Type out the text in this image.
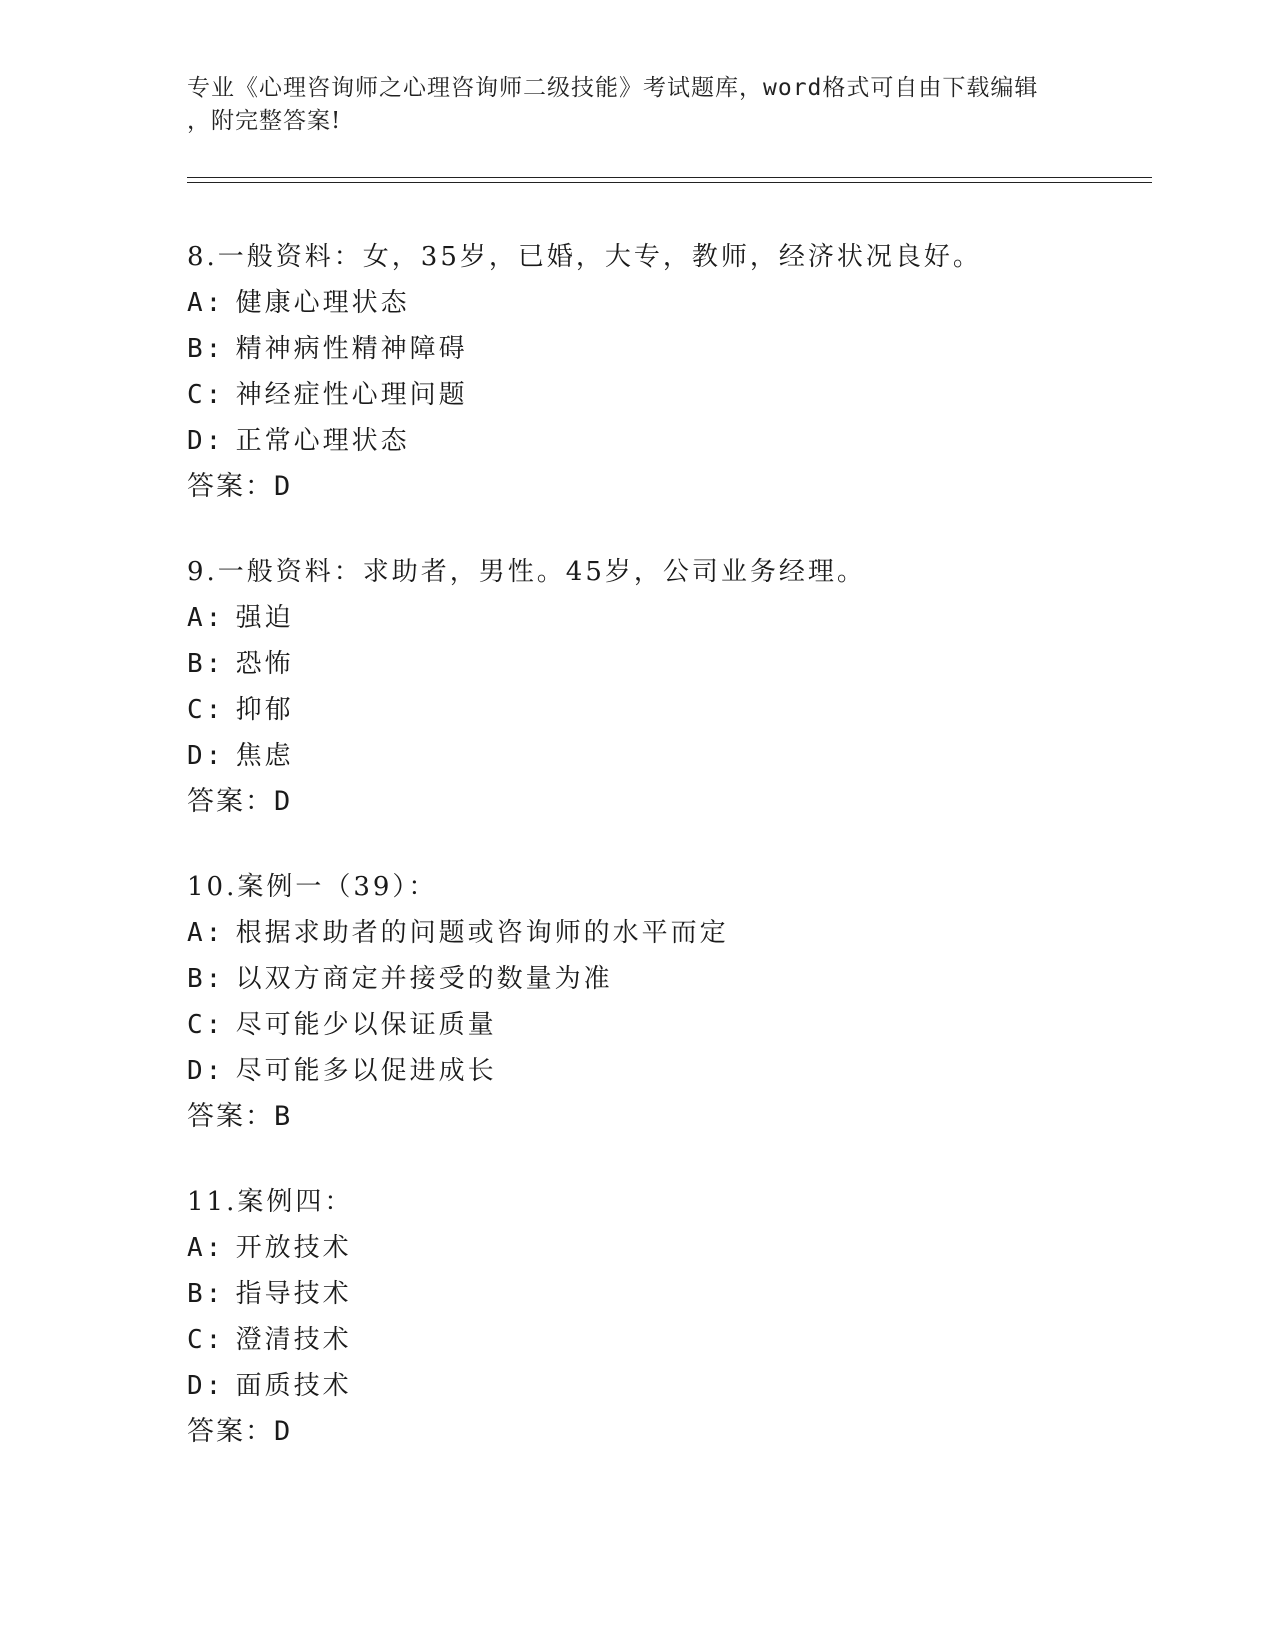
专业《心理咨询师之心理咨询师二级技能》考试题库，word格式可自由下载编辑
，附完整答案!
8.一般资料：女，35岁，已婚，大专，教师，经济状况良好。
A: 健康心理状态
B: 精神病性精神障碍
C: 神经症性心理问题
D: 正常心理状态
答案：D
9.一般资料：求助者，男性。45岁，公司业务经理。
A: 强迫
B: 恐怖
C: 抑郁
D: 焦虑
答案：D
10.案例一（39）：
A: 根据求助者的问题或咨询师的水平而定
B: 以双方商定并接受的数量为准
C: 尽可能少以保证质量
D: 尽可能多以促进成长
答案：B
11.案例四：
A: 开放技术
B: 指导技术
C: 澄清技术
D: 面质技术
答案：D
